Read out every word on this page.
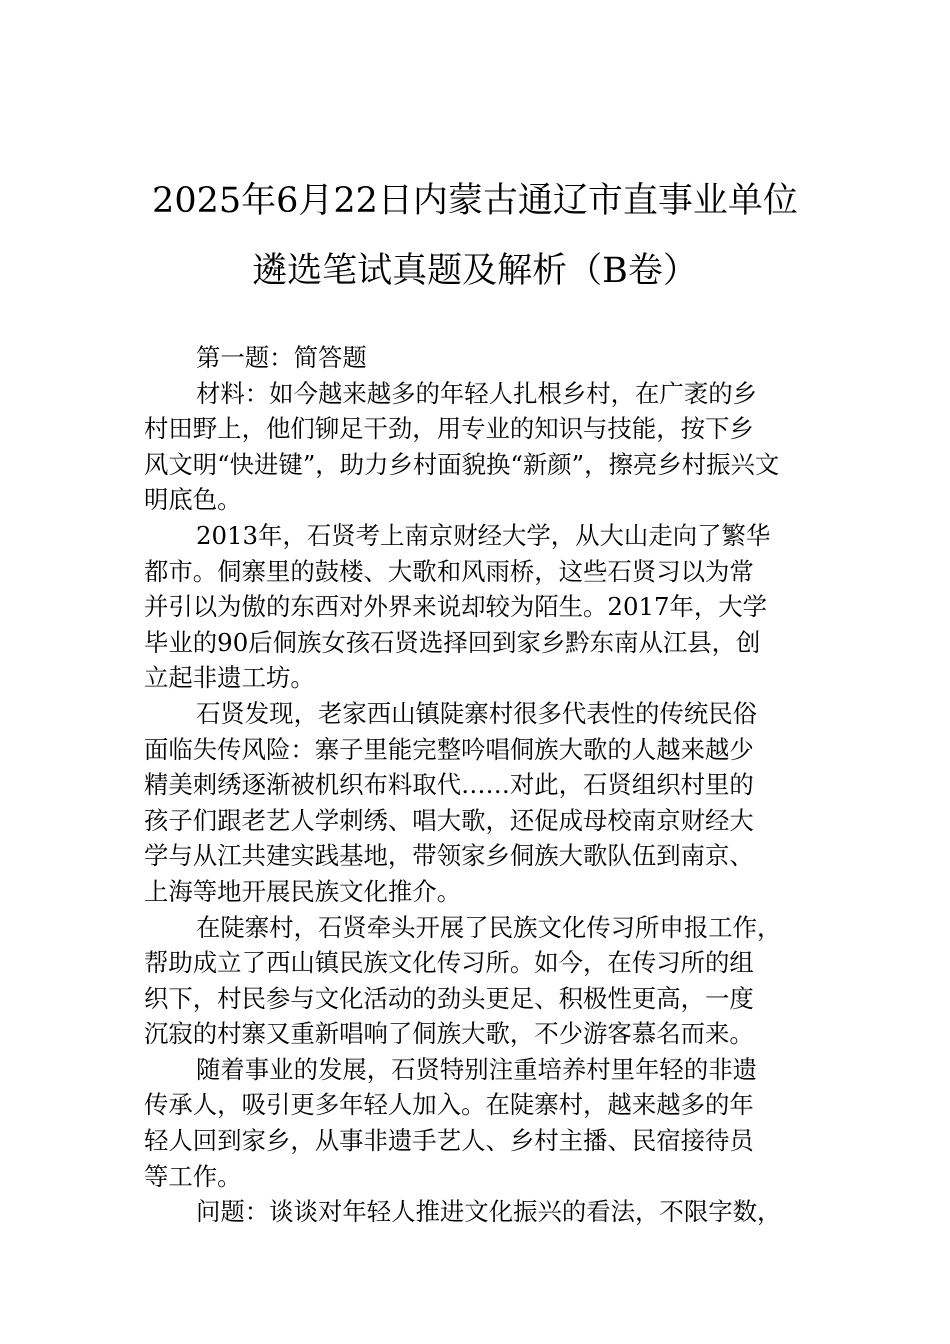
2025年6月22日内蒙古通辽市直事业单位
遴选笔试真题及解析（B卷）
第一题：简答题
材料：如今越来越多的年轻人扎根乡村，在广袤的乡
村田野上，他们铆足干劲，用专业的知识与技能，按下乡
风文明“快进键”，助力乡村面貌换“新颜”，擦亮乡村振兴文
明底色。
2013年，石贤考上南京财经大学，从大山走向了繁华
都市。侗寨里的鼓楼、大歌和风雨桥，这些石贤习以为常
并引以为傲的东西对外界来说却较为陌生。2017年，大学
毕业的90后侗族女孩石贤选择回到家乡黔东南从江县，创
立起非遗工坊。
石贤发现，老家西山镇陡寨村很多代表性的传统民俗
面临失传风险：寨子里能完整吟唱侗族大歌的人越来越少
精美刺绣逐渐被机织布料取代……对此，石贤组织村里的
孩子们跟老艺人学刺绣、唱大歌，还促成母校南京财经大
学与从江共建实践基地，带领家乡侗族大歌队伍到南京、
上海等地开展民族文化推介。
在陡寨村，石贤牵头开展了民族文化传习所申报工作，
帮助成立了西山镇民族文化传习所。如今，在传习所的组
织下，村民参与文化活动的劲头更足、积极性更高，一度
沉寂的村寨又重新唱响了侗族大歌，不少游客慕名而来。
随着事业的发展，石贤特别注重培养村里年轻的非遗
传承人，吸引更多年轻人加入。在陡寨村，越来越多的年
轻人回到家乡，从事非遗手艺人、乡村主播、民宿接待员
等工作。
问题：谈谈对年轻人推进文化振兴的看法，不限字数，
